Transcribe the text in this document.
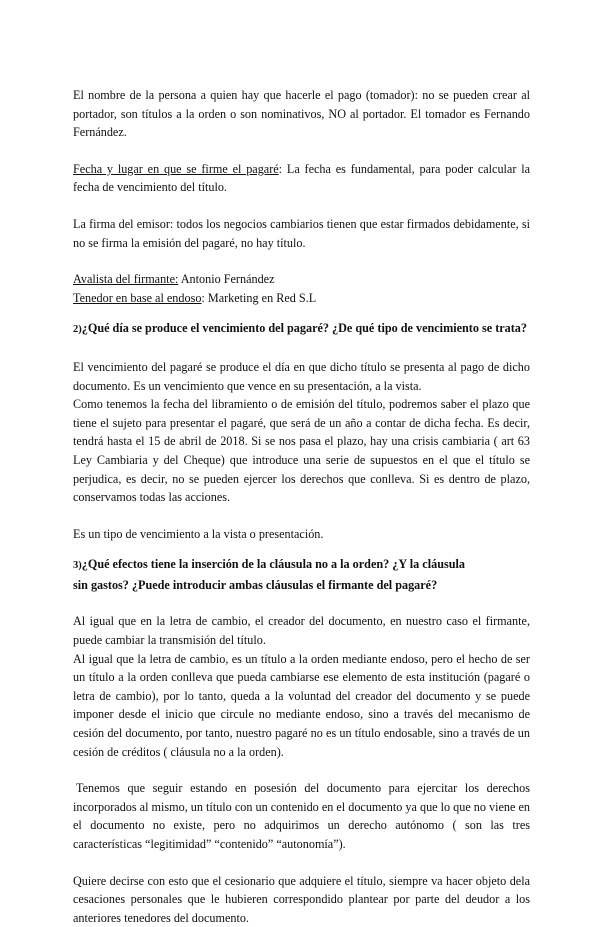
El nombre de la persona a quien hay que hacerle el pago (tomador): no se pueden crear al portador, son títulos a la orden o son nominativos, NO al portador. El tomador es Fernando Fernández.

Fecha y lugar en que se firme el pagaré: La fecha es fundamental, para poder calcular la fecha de vencimiento del título.

La firma del emisor: todos los negocios cambiarios tienen que estar firmados debidamente, si no se firma la emisión del pagaré, no hay título.

Avalista del firmante: Antonio Fernández

Tenedor en base al endoso: Marketing en Red S.L

2)¿Qué día se produce el vencimiento del pagaré? ¿De qué tipo de vencimiento se trata?

El vencimiento del pagaré se produce el día en que dicho título se presenta al pago de dicho documento. Es un vencimiento que vence en su presentación, a la vista.

Como tenemos la fecha del libramiento o de emisión del título, podremos saber el plazo que tiene el sujeto para presentar el pagaré, que será de un año a contar de dicha fecha. Es decir, tendrá hasta el 15 de abril de 2018. Si se nos pasa el plazo, hay una crisis cambiaria ( art 63 Ley Cambiaria y del Cheque) que introduce una serie de supuestos en el que el título se perjudica, es decir, no se pueden ejercer los derechos que conlleva. Si es dentro de plazo, conservamos todas las acciones.

Es un tipo de vencimiento a la vista o presentación.

3)¿Qué efectos tiene la inserción de la cláusula no a la orden? ¿Y la cláusula
sin gastos? ¿Puede introducir ambas cláusulas el firmante del pagaré?

Al igual que en la letra de cambio, el creador del documento, en nuestro caso el firmante, puede cambiar la transmisión del título.

Al igual que la letra de cambio, es un título a la orden mediante endoso, pero el hecho de ser un título a la orden conlleva que pueda cambiarse ese elemento de esta institución (pagaré o letra de cambio), por lo tanto, queda a la voluntad del creador del documento y se puede imponer desde el inicio que circule no mediante endoso, sino a través del mecanismo de cesión del documento, por tanto, nuestro pagaré no es un título endosable, sino a través de un cesión de créditos ( cláusula no a la orden).

Tenemos que seguir estando en posesión del documento para ejercitar los derechos incorporados al mismo, un título con un contenido en el documento ya que lo que no viene en el documento no existe, pero no adquirimos un derecho autónomo ( son las tres características “legitimidad” “contenido” “autonomía”).

Quiere decirse con esto que el cesionario que adquiere el título, siempre va hacer objeto dela cesaciones personales que le hubieren correspondido plantear por parte del deudor a los anteriores tenedores del documento.
